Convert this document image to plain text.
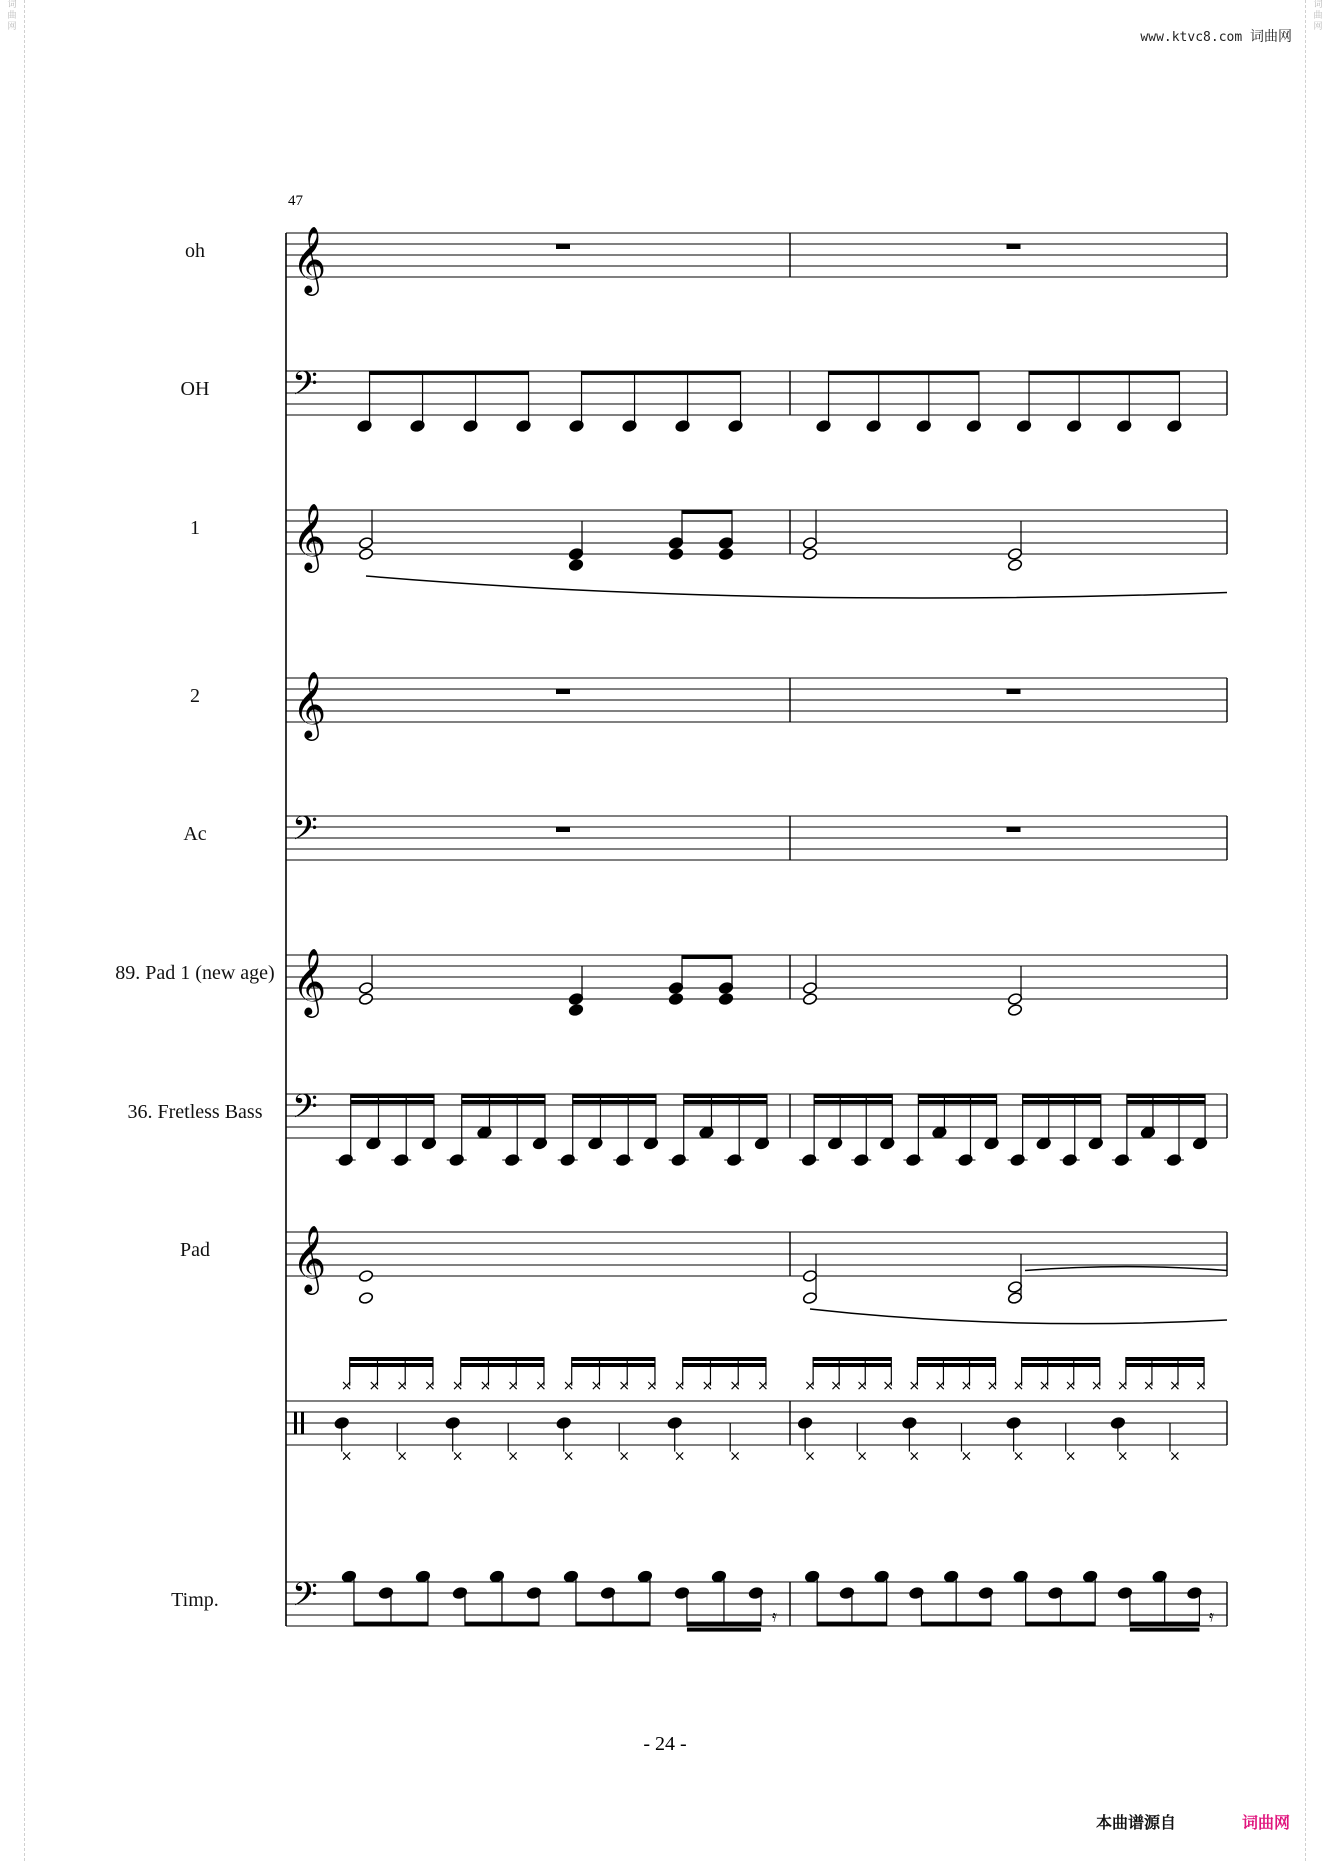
词
曲
网
词
曲
网
www.ktvc8.com 词曲网
47
oh
OH
1
2
Ac
89. Pad 1 (new age)
36. Fretless Bass
Pad
Timp.
𝄞
𝄢
𝄞
𝄞
𝄢
𝄞
𝄢
𝄞
×
×
× ×
×
× ×
×
× ×
×
× ×
×
× ×
×
× ×
×
× ×
×
×	×
×
× ×
×
× ×
×
× ×
×
× ×
×
× ×
×
× ×
×
× ×
×
×
𝄢	𝄿	𝄿
- 24 -
本曲谱源自	词曲网
